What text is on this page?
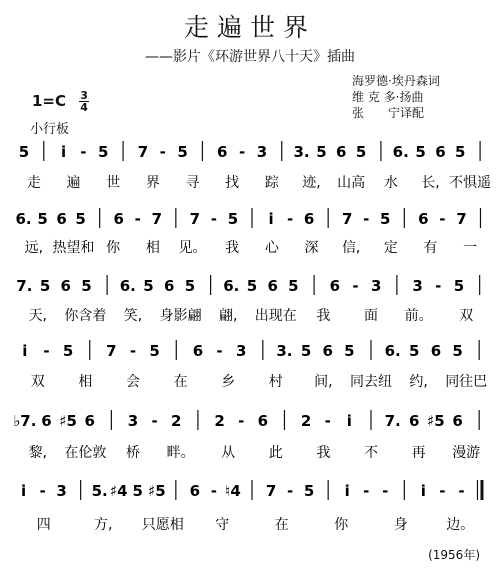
走遍世界
——影片《环游世界八十天》插曲
$1=C \frac{3}{4}$
小行板
海罗德·埃丹森词
维 克 多·扬曲
张　　宁译配
5 i - 5 7 - 5 6 - 3 3. 5 6 5 6. 5 6 5
走 遍 世 界 寻 找 踪 迹, 山高 水 长, 不惧遥
6. 5 6 5 6 - 7 7 - 5 i - 6 7 - 5 6 - 7
远, 热望和 你 相 见。 我 心 深 信, 定 有 一
7. 5 6 5 6. 5 6 5 6. 5 6 5 6 - 3 3 - 5
天, 你含着 笑, 身影翩 翩, 出现在 我 面 前。 双
i - 5 7 - 5 6 - 3 3. 5 6 5 6. 5 6 5
双 相 会 在 乡 村 间, 同去纽 约, 同往巴
♭7. 6 ♯5 6 3 - 2 2 - 6 2 - i 7. 6 ♯5 6
黎, 在伦敦 桥 畔。 从 此 我 不 再 漫游
i - 3 5. ♯4 5 ♯5 6 - ♮4 7 - 5 i - - i - -
四	方, 只愿相 守	在	你	身	边。
(1956年)
